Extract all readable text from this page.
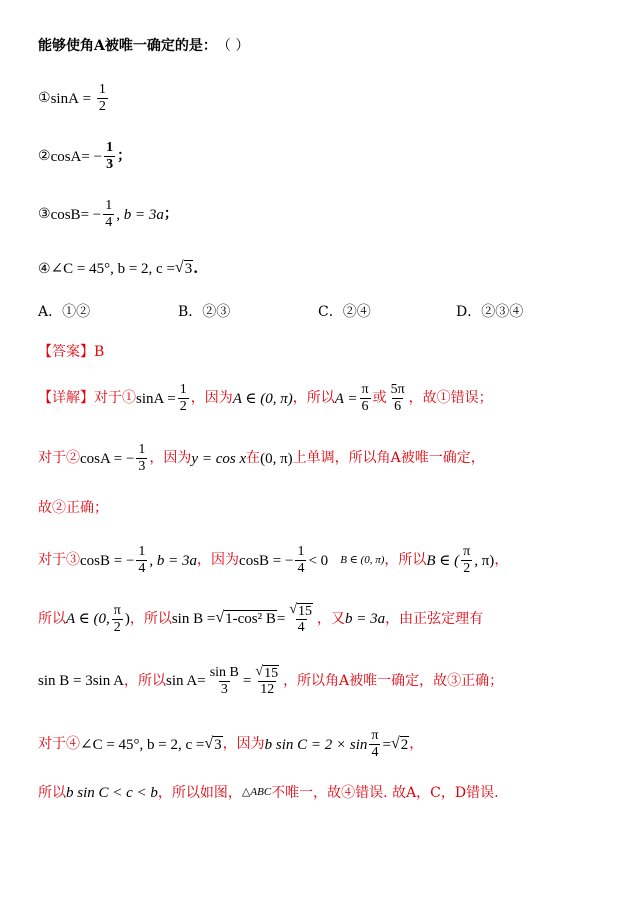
能够使角A被唯一确定的是： （ ）
① $\sin A = \frac{1}{2}$
② cosA = − $\frac{1}{3}$ ；
③ cosB = − $\frac{1}{4}$ , b = 3a ；
④ ∠C = 45°, b = 2, c = √ 3 .
A．①②	B．②③	C．②④	D．②③④
【答案】 B
【详解】 对于① $\sin A = \frac{1}{2}$ ，因为 A ∈ (0, π) ，所以 $A = \frac{\pi}{6}$ 或 $\frac{5\pi}{6}$ ，故①错误；
对于② cosA = − $\frac{1}{3}$ ，因为 y = cos x 在 (0, π) 上单调，所以角A被唯一确定，
故②正确；
对于③ cosB = − $\frac{1}{4}$ , b = 3a ，因为 cosB = − $\frac{1}{4} < 0$ B ∈ (0, π) ，所以 B ∈ ( $\frac{\pi}{2}$ , π) ，
所以 A ∈ (0, $\frac{\pi}{2}$ ) ，所以 sin B = √ 1-cos² $B = \frac{√ 15}{4}$ ，又 b = 3a ，由正弦定理有
sin B = 3sin A ，所以 $\sin A= \frac{\text{sin B}}{3} = \frac{√ 15}{12}$ ，所以角A被唯一确定，故③正确；
对于④ ∠C = 45°, b = 2, c = √ 3 ，因为 b $\sin C = 2 \times \sin \frac{\pi}{4}$ = √ 2 ，
所以 b sin C < c < b ，所以如图， △ABC 不唯一，故④错误. 故A，C，D错误.
